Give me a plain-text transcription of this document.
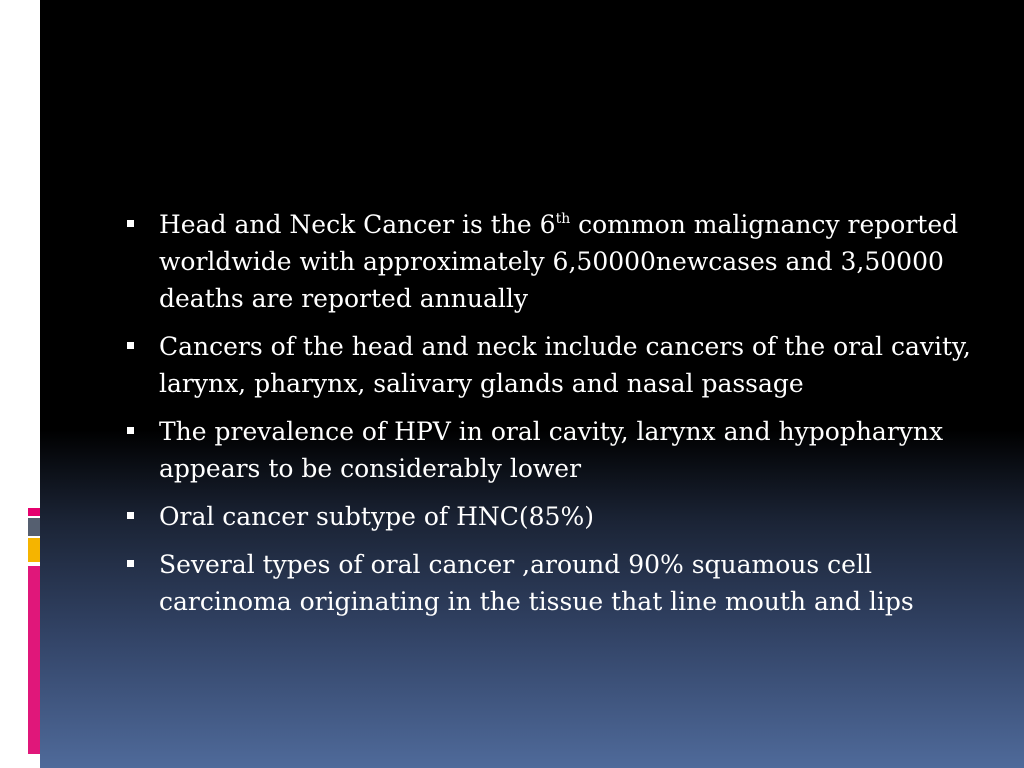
Head and Neck Cancer is the 6th common malignancy reported worldwide with approximately 6,50000newcases and 3,50000 deaths are reported annually
Cancers of the head and neck include cancers of the oral cavity, larynx, pharynx, salivary glands and nasal passage
The prevalence of HPV in oral cavity, larynx and hypopharynx appears to be considerably lower
Oral cancer subtype of HNC(85%)
Several types of oral cancer ,around 90% squamous cell carcinoma originating in the tissue that line mouth and lips
